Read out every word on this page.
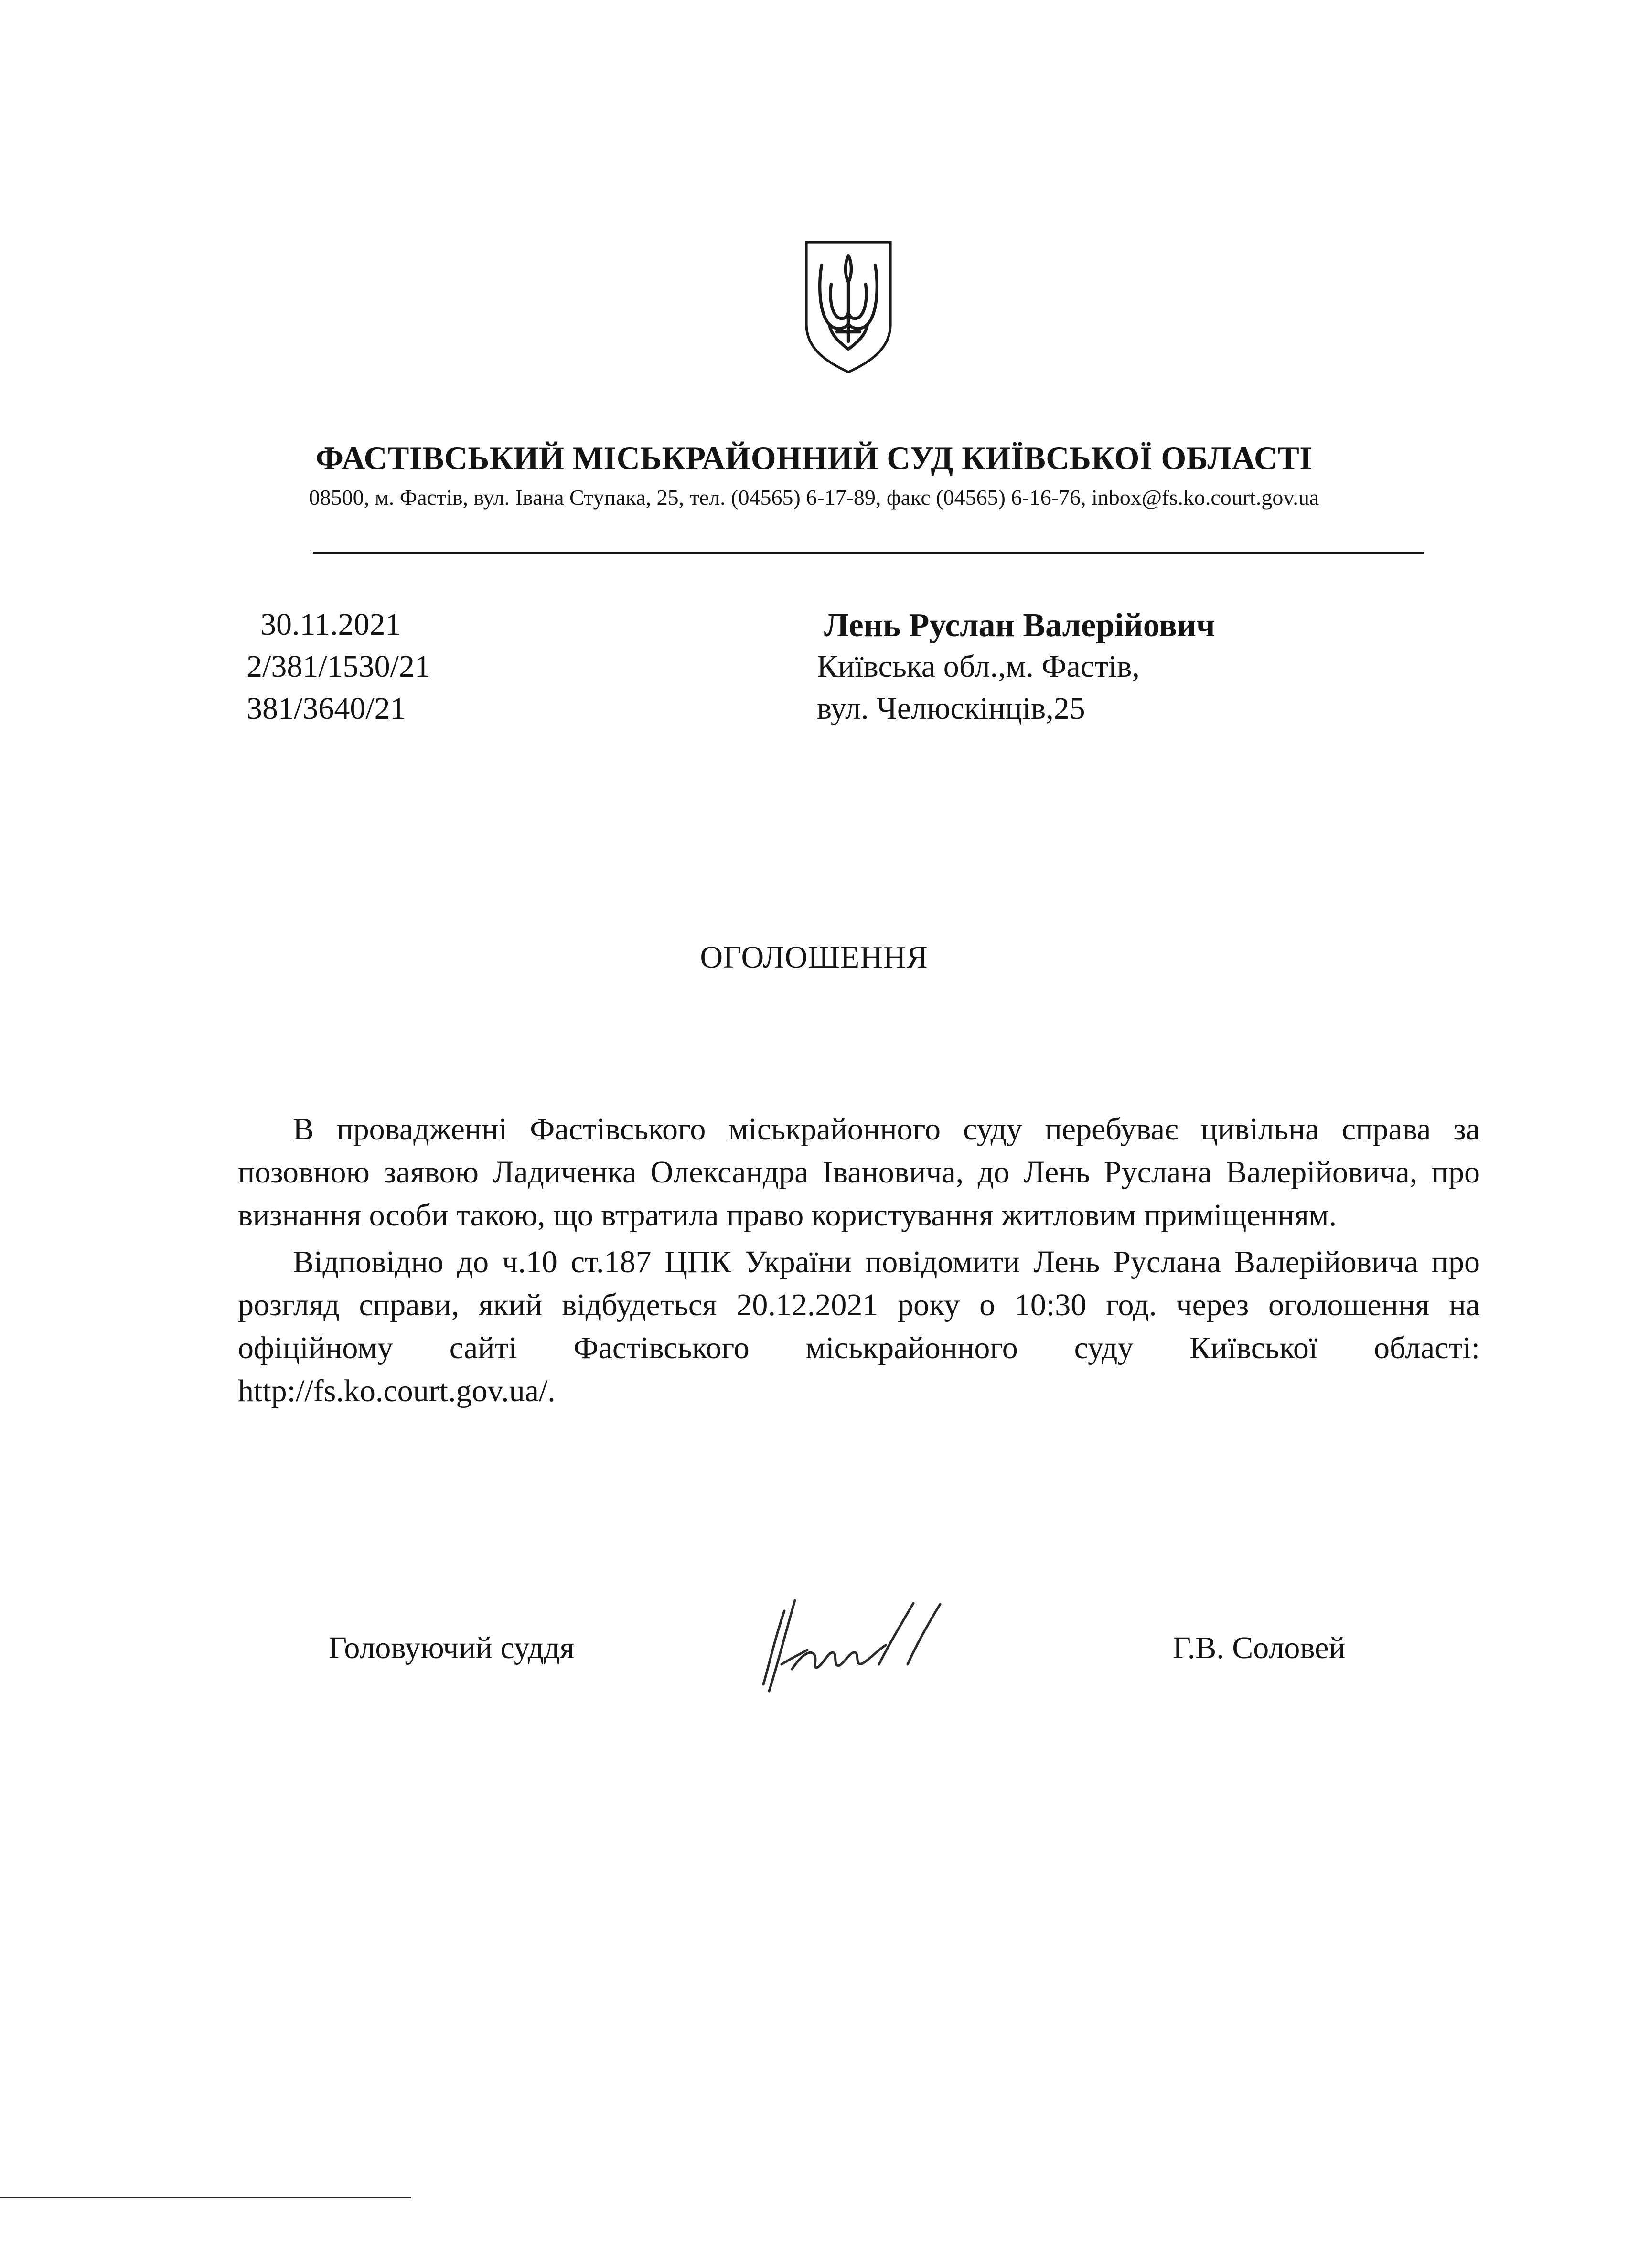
ФАСТІВСЬКИЙ МІСЬКРАЙОННИЙ СУД КИЇВСЬКОЇ ОБЛАСТІ
08500, м. Фастів, вул. Івана Ступака, 25, тел. (04565) 6-17-89, факс (04565) 6-16-76, inbox@fs.ko.court.gov.ua
30.11.2021
2/381/1530/21
381/3640/21
Лень Руслан Валерійович
Київська обл.,м. Фастів,
вул. Челюскінців,25
ОГОЛОШЕННЯ

В провадженні Фастівського міськрайонного суду перебуває цивільна справа за позовною заявою Ладиченка Олександра Івановича, до Лень Руслана Валерійовича, про визнання особи такою, що втратила право користування житловим приміщенням.

Відповідно до ч.10 ст.187 ЦПК України повідомити Лень Руслана Валерійовича про розгляд справи, який відбудеться 20.12.2021 року о 10:30 год. через оголошення на офіційному сайті Фастівського міськрайонного суду Київської області: http://fs.ko.court.gov.ua/.

Головуючий суддя	Г.В. Соловей
